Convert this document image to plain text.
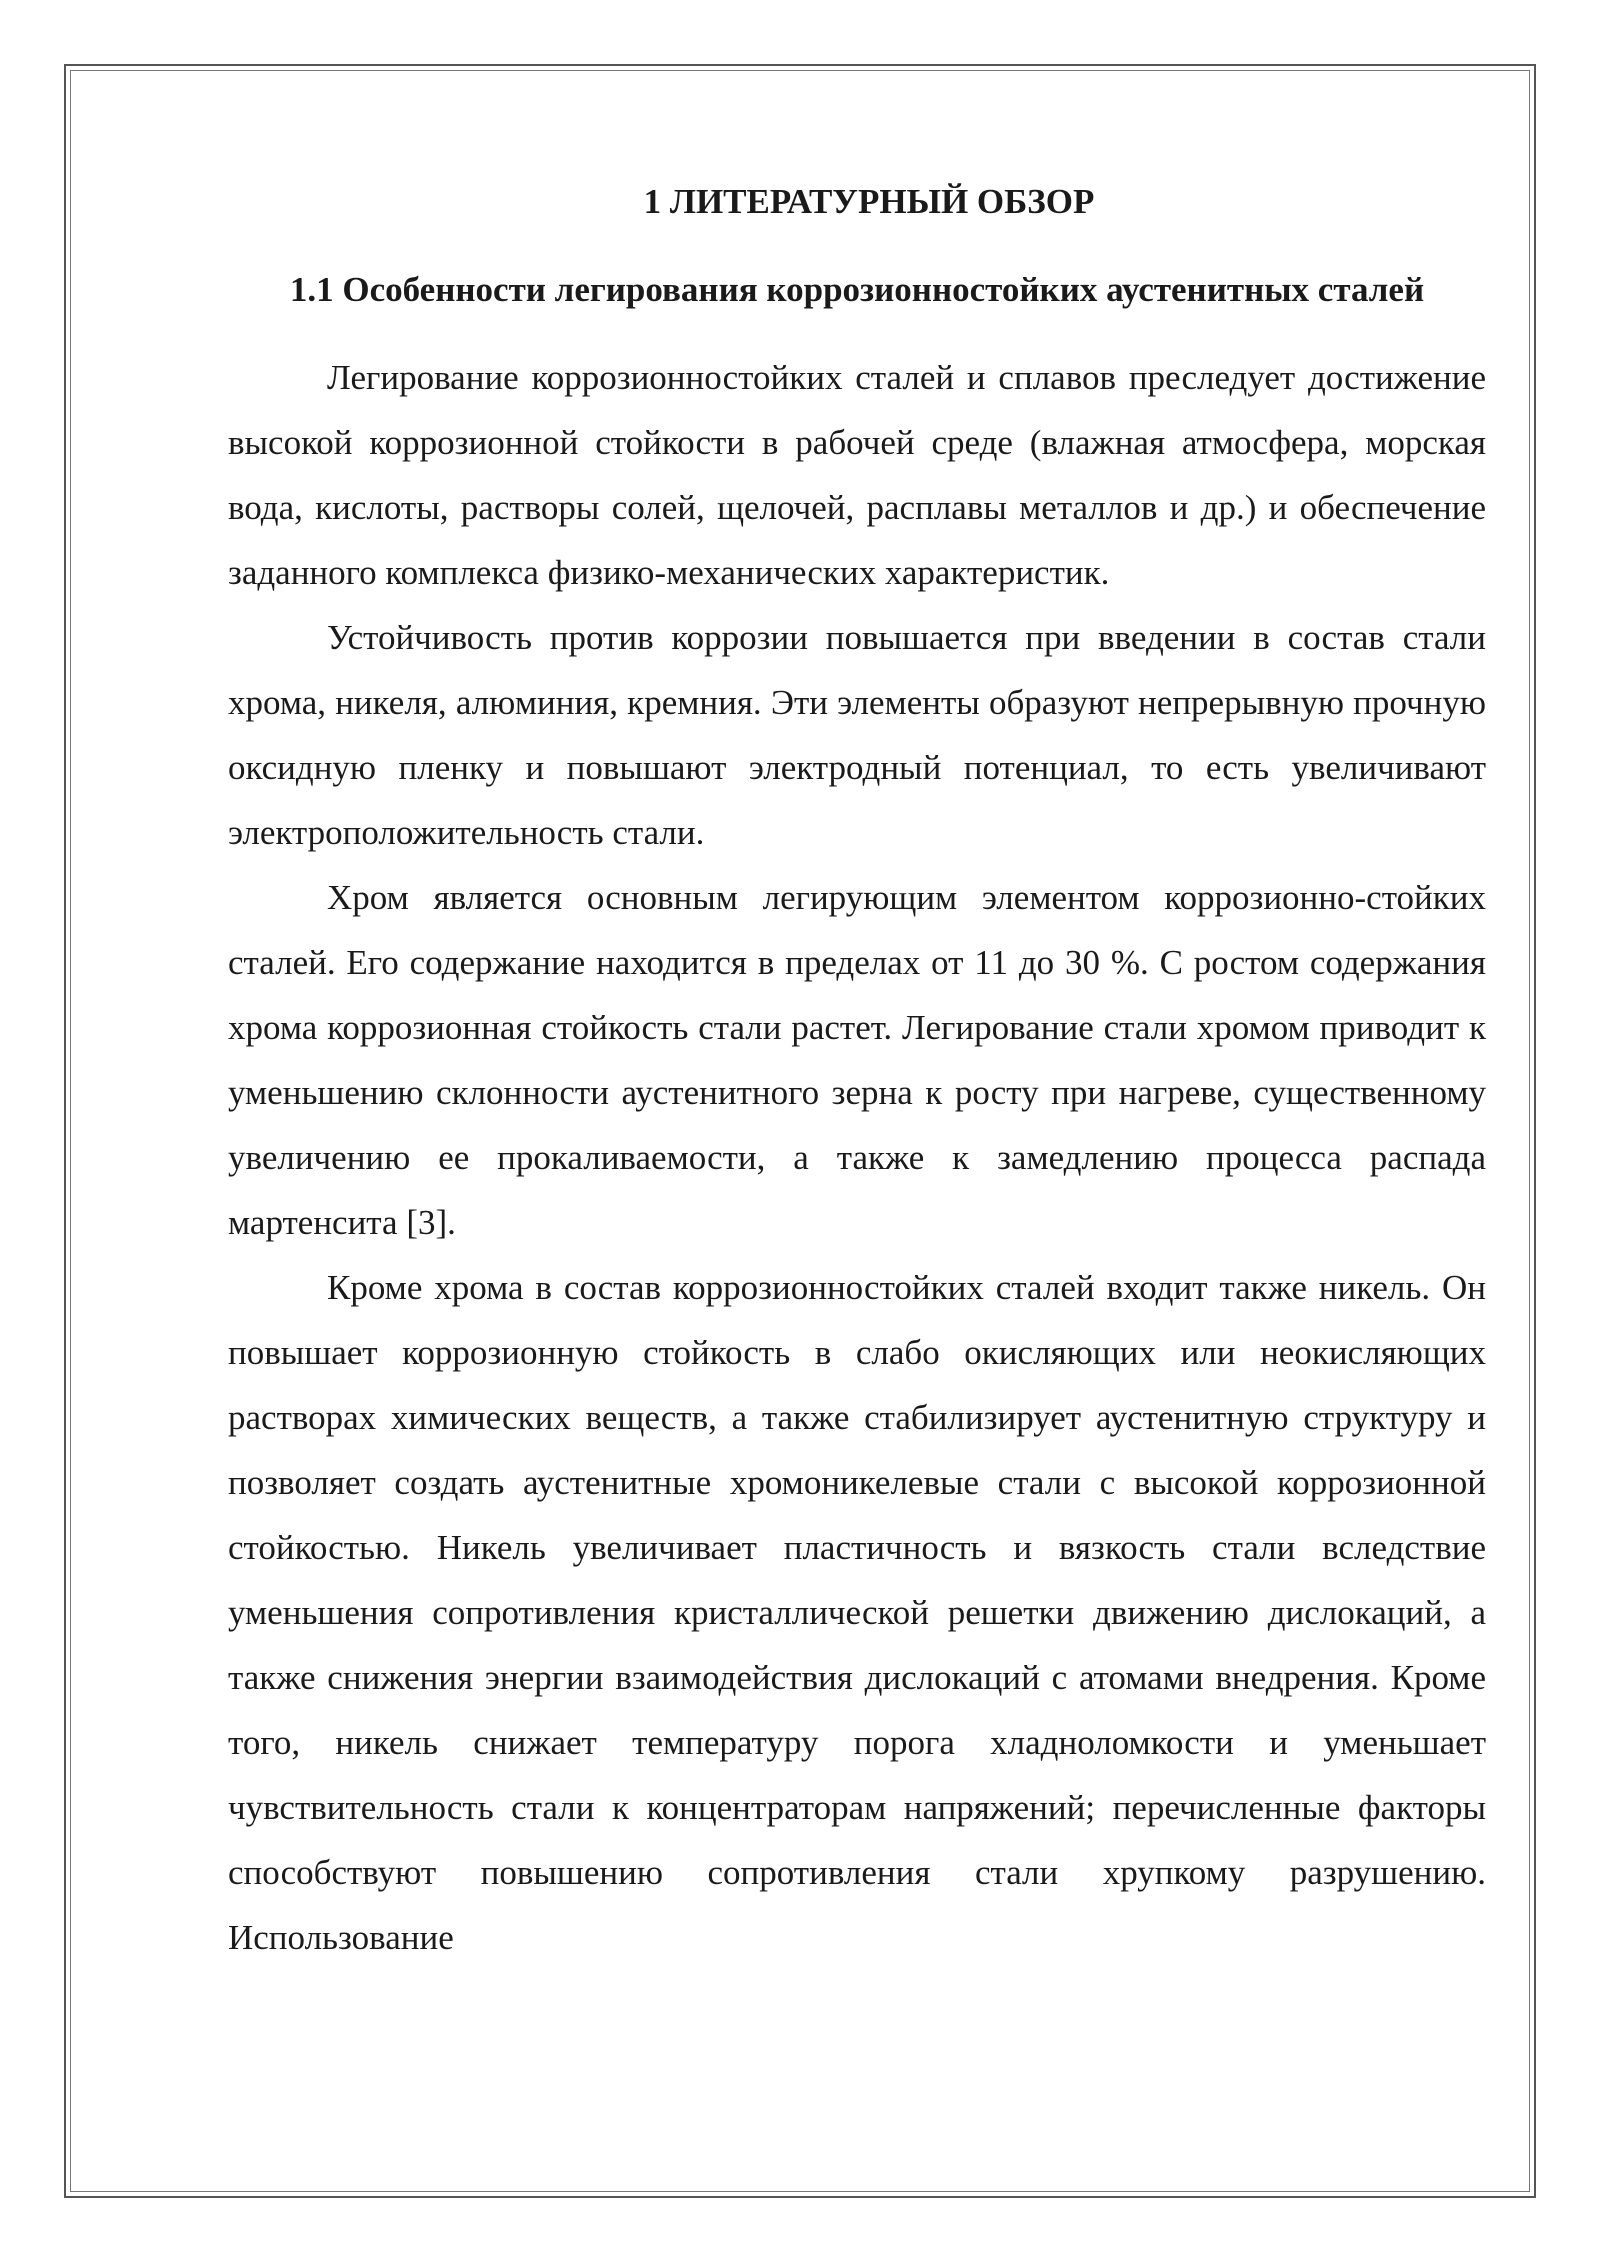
1 ЛИТЕРАТУРНЫЙ ОБЗОР
1.1 Особенности легирования коррозионностойких аустенитных сталей

Легирование коррозионностойких сталей и сплавов преследует достижение высокой коррозионной стойкости в рабочей среде (влажная атмосфера, морская вода, кислоты, растворы солей, щелочей, расплавы металлов и др.) и обеспечение заданного комплекса физико-механических характеристик.

Устойчивость против коррозии повышается при введении в состав стали хрома, никеля, алюминия, кремния. Эти элементы образуют непрерывную прочную оксидную пленку и повышают электродный потенциал, то есть увеличивают электроположительность стали.

Хром является основным легирующим элементом коррозионно-стойких сталей. Его содержание находится в пределах от 11 до 30 %. С ростом содержания хрома коррозионная стойкость стали растет. Легирование стали хромом приводит к уменьшению склонности аустенитного зерна к росту при нагреве, существенному увеличению ее прокаливаемости, а также к замедлению процесса распада мартенсита [3].

Кроме хрома в состав коррозионностойких сталей входит также никель. Он повышает коррозионную стойкость в слабо окисляющих или неокисляющих растворах химических веществ, а также стабилизирует аустенитную структуру и позволяет создать аустенитные хромоникелевые стали с высокой коррозионной стойкостью. Никель увеличивает пластичность и вязкость стали вследствие уменьшения сопротивления кристаллической решетки движению дислокаций, а также снижения энергии взаимодействия дислокаций с атомами внедрения. Кроме того, никель снижает температуру порога хладноломкости и уменьшает чувствительность стали к концентраторам напряжений; перечисленные факторы способствуют повышению сопротивления стали хрупкому разрушению. Использование
